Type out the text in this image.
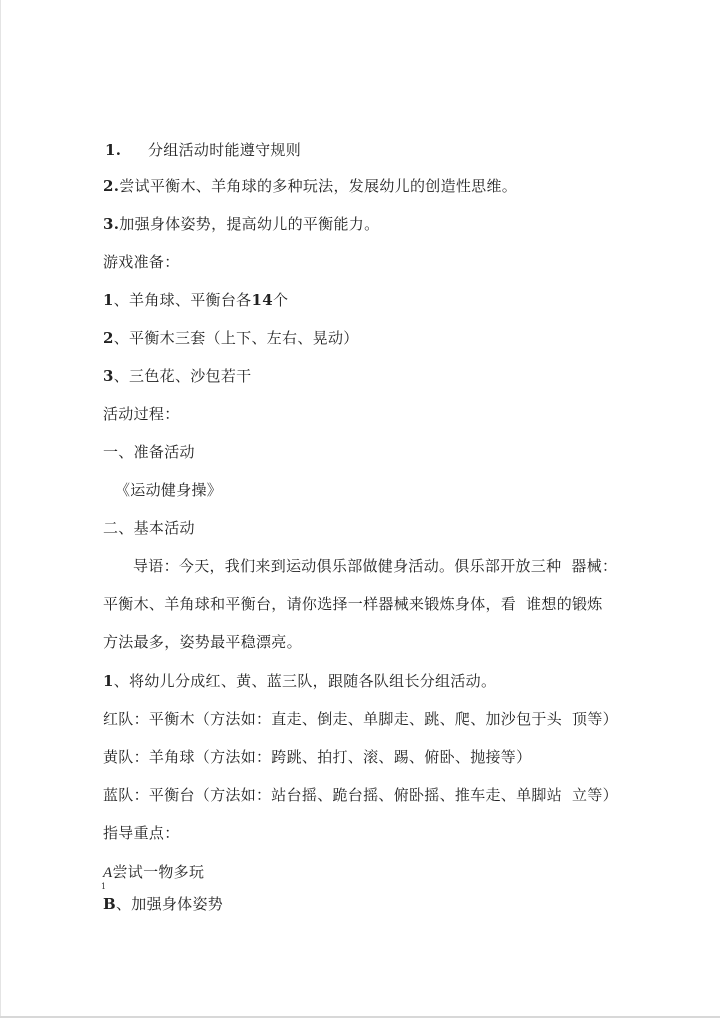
1. 分组活动时能遵守规则
2.尝试平衡木、羊角球的多种玩法，发展幼儿的创造性思维。
3.加强身体姿势，提高幼儿的平衡能力。
游戏准备：
1、羊角球、平衡台各14个
2、平衡木三套（上下、左右、晃动）
3、三色花、沙包若干
活动过程：
一、准备活动
《运动健身操》
二、基本活动
导语：今天，我们来到运动俱乐部做健身活动。俱乐部开放三种 器械：
平衡木、羊角球和平衡台，请你选择一样器械来锻炼身体，看 谁想的锻炼
方法最多，姿势最平稳漂亮。
1、将幼儿分成红、黄、蓝三队，跟随各队组长分组活动。
红队：平衡木（方法如：直走、倒走、单脚走、跳、爬、加沙包于头 顶等）
黄队：羊角球（方法如：跨跳、拍打、滚、踢、俯卧、抛接等）
蓝队：平衡台（方法如：站台摇、跪台摇、俯卧摇、推车走、单脚站 立等）
指导重点：
A尝试一物多玩
1
B、加强身体姿势
